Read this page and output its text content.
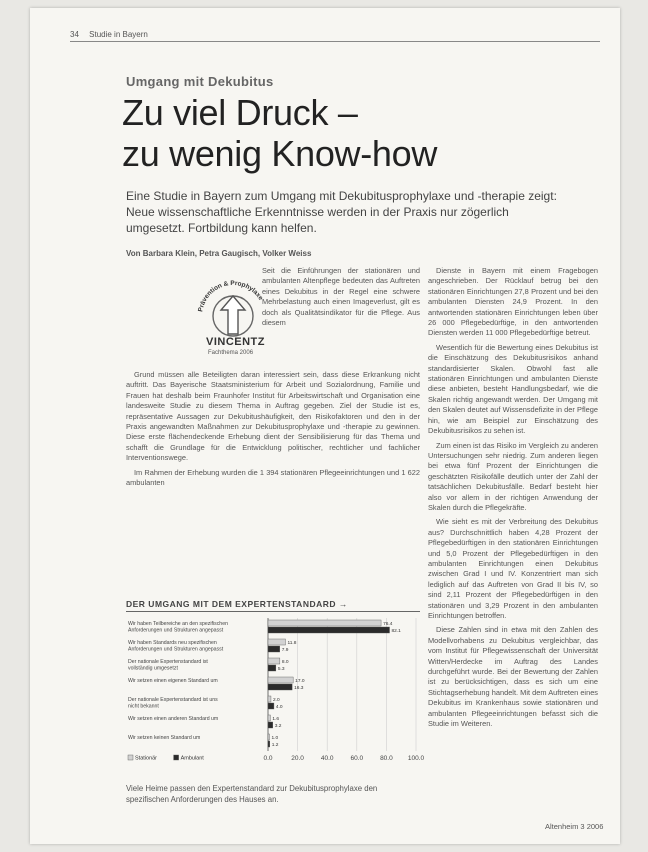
34 Studie in Bayern
Umgang mit Dekubitus
Zu viel Druck –
zu wenig Know-how
Eine Studie in Bayern zum Umgang mit Dekubitusprophylaxe und -therapie zeigt: Neue wissenschaftliche Erkenntnisse werden in der Praxis nur zögerlich umgesetzt. Fortbildung kann helfen.
Von Barbara Klein, Petra Gaugisch, Volker Weiss
Prävention & Prophylaxe
VINCENTZ
Fachthema 2006

Seit die Einführungen der stationären und ambulanten Altenpflege bedeuten das Auftreten eines Dekubitus in der Regel eine schwere Mehrbelastung auch einen Imageverlust, gilt es doch als Qualitätsindikator für die Pflege. Aus diesem

Grund müssen alle Beteiligten daran interessiert sein, dass diese Erkrankung nicht auftritt. Das Bayerische Staatsministerium für Arbeit und Sozialordnung, Familie und Frauen hat deshalb beim Fraunhofer Institut für Arbeitswirtschaft und Organisation eine landesweite Studie zu diesem Thema in Auftrag gegeben. Ziel der Studie ist es, repräsentative Aussagen zur Dekubitushäufigkeit, den Risikofaktoren und den in der Praxis angewandten Maßnahmen zur Dekubitusprophylaxe und -therapie zu gewinnen. Diese erste flächendeckende Erhebung dient der Sensibilisierung für das Thema und schafft die Grundlage für die Entwicklung politischer, rechtlicher und fachlicher Interventionswege.

Im Rahmen der Erhebung wurden die 1 394 stationären Pflegeeinrichtungen und 1 622 ambulanten

Dienste in Bayern mit einem Fragebogen angeschrieben. Der Rücklauf betrug bei den stationären Einrichtungen 27,8 Prozent und bei den ambulanten Diensten 24,9 Prozent. In den antwortenden stationären Einrichtungen leben über 26 000 Pflegebedürftige, in den antwortenden Diensten werden 11 000 Pflegebedürftige betreut.

Wesentlich für die Bewertung eines Dekubitus ist die Einschätzung des Dekubitusrisikos anhand standardisierter Skalen. Obwohl fast alle stationären Einrichtungen und ambulanten Dienste diese anbieten, besteht Handlungsbedarf, wie die Skalen richtig angewandt werden. Der Umgang mit den Skalen deutet auf Wissensdefizite in der Pflege hin, wie am Beispiel zur Einschätzung des Dekubitusrisikos zu sehen ist.

Zum einen ist das Risiko im Vergleich zu anderen Untersuchungen sehr niedrig. Zum anderen liegen bei etwa fünf Prozent der Einrichtungen die geschätzten Risikofälle deutlich unter der Zahl der tatsächlichen Dekubitusfälle. Bedarf besteht hier also vor allem in der richtigen Anwendung der Skalen durch die Pflegekräfte.

Wie sieht es mit der Verbreitung des Dekubitus aus? Durchschnittlich haben 4,28 Prozent der Pflegebedürftigen in den stationären Einrichtungen und 5,0 Prozent der Pflegebedürftigen in den ambulanten Einrichtungen einen Dekubitus zwischen Grad I und IV. Konzentriert man sich lediglich auf das Auftreten von Grad II bis IV, so sind 2,11 Prozent der Pflegebedürftigen in den stationären und 3,29 Prozent in den ambulanten Einrichtungen betroffen.

Diese Zahlen sind in etwa mit den Zahlen des Modellvorhabens zu Dekubitus vergleichbar, das vom Institut für Pflegewissenschaft der Universität Witten/Herdecke im Auftrag des Landes durchgeführt wurde. Bei der Bewertung der Zahlen ist zu berücksichtigen, dass es sich um eine Stichtagserhebung handelt. Mit dem Auftreten eines Dekubitus im Krankenhaus sowie stationären und ambulanten Pflegeeinrichtungen befasst sich die Studie im Weiteren.

DER UMGANG MIT DEM EXPERTENSTANDARD →
0.0	20.0	40.0	60.0	80.0 100.0
Wir haben Teilbereiche an den spezifischen Anforderungen und Strukturen angepasst
76.4
82.1
Wir haben Standards neu spezifischen Anforderungen und Strukturen angepasst
11.8
7.9
Der nationale Expertenstandard ist vollständig umgesetzt
8.0
5.3
Wir setzen einen eigenen Standard um	17.0
16.3
Der nationale Expertenstandard ist uns nicht bekannt
2.0
4.0
Wir setzen einen anderen Standard um	1.6
3.2
Wir setzen keinen Standard um	1.0
1.2
Stationär	Ambulant
Viele Heime passen den Expertenstandard zur Dekubitusprophylaxe den spezifischen Anforderungen des Hauses an.
Altenheim 3 2006
